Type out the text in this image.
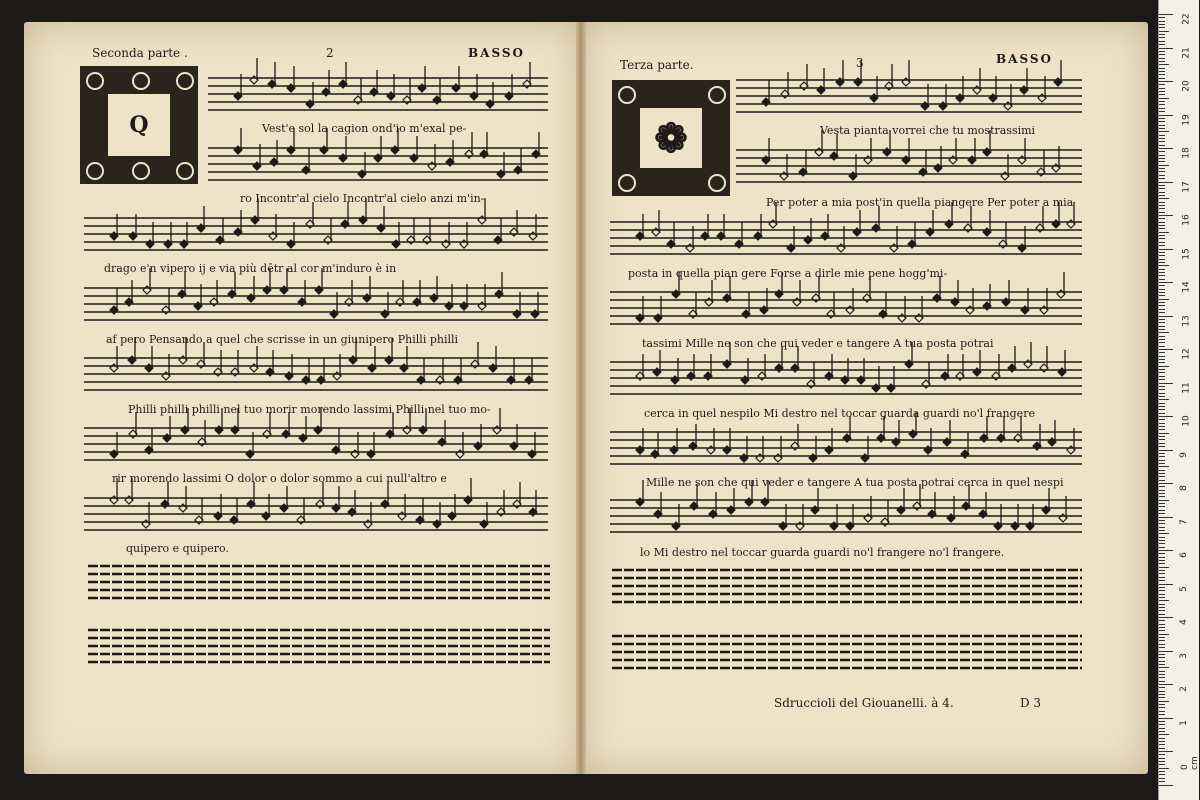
Seconda parte .	2	BASSO
Q
Terza parte.	3	BASSO
❁
Vest'e sol la cagion ond'io m'exal pe-
ro Incontr'al cielo Incontr'al cielo anzi m'in-
drago e'n vipero ij e via più dētr al cor m'induro è in
af pero Pensando a quel che scrisse in un giunipero Philli philli
Philli philli philli nel tuo morir morendo lassimi Philli nel tuo mo-
rir morendo lassimi O dolor o dolor sommo a cui null'altro e
quipero e quipero.
Vesta pianta vorrei che tu mostrassimi
Per poter a mia post'in quella piangere Per poter a mia
posta in quella pian gere Forse a dirle mie pene hogg'mi-
tassimi Mille ne son che qui veder e tangere A tua posta potrai
cerca in quel nespilo Mi destro nel toccar guarda guardi no'l frangere
Mille ne son che qui veder e tangere A tua posta potrai cerca in quel nespi
lo Mi destro nel toccar guarda guardi no'l frangere no'l frangere.
Sdruccioli del Giouanelli. à 4.	D 3
22
21
20
19
18
17
16
15
14
13
12
11
10
9
8
7
6
5
4
3
2
1
0 cm
